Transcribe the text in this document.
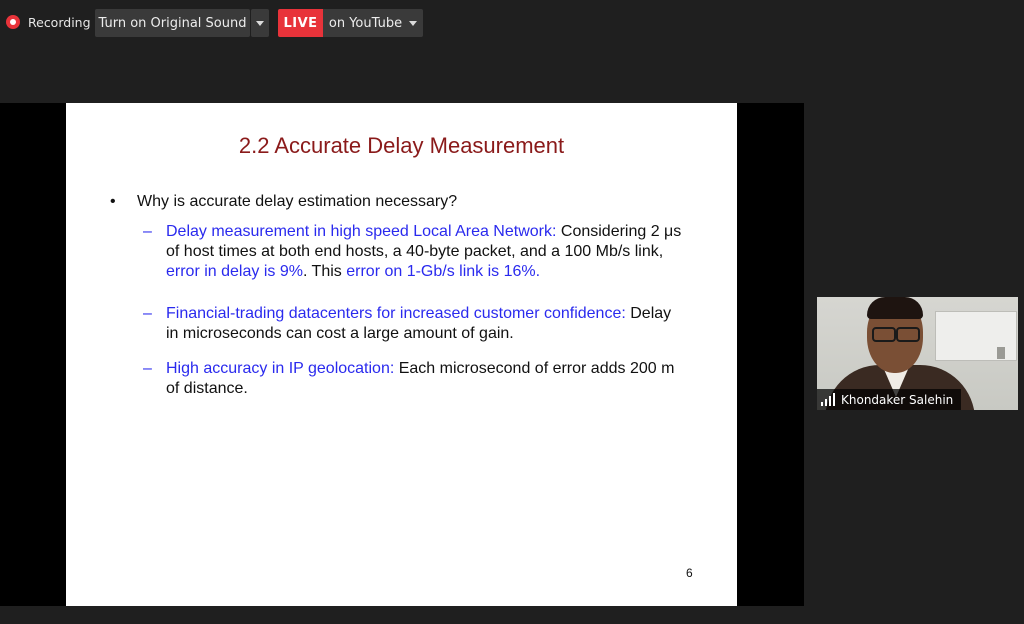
Recording Turn on Original Sound	LIVE on YouTube
2.2 Accurate Delay Measurement
•	Why is accurate delay estimation necessary?
– Delay measurement in high speed Local Area Network: Considering 2 μs of host times at both end hosts, a 40-byte packet, and a 100 Mb/s link, error in delay is 9%. This error on 1-Gb/s link is 16%.
– Financial-trading datacenters for increased customer confidence: Delay in microseconds can cost a large amount of gain.
– High accuracy in IP geolocation: Each microsecond of error adds 200 m of distance.
6
Khondaker Salehin
